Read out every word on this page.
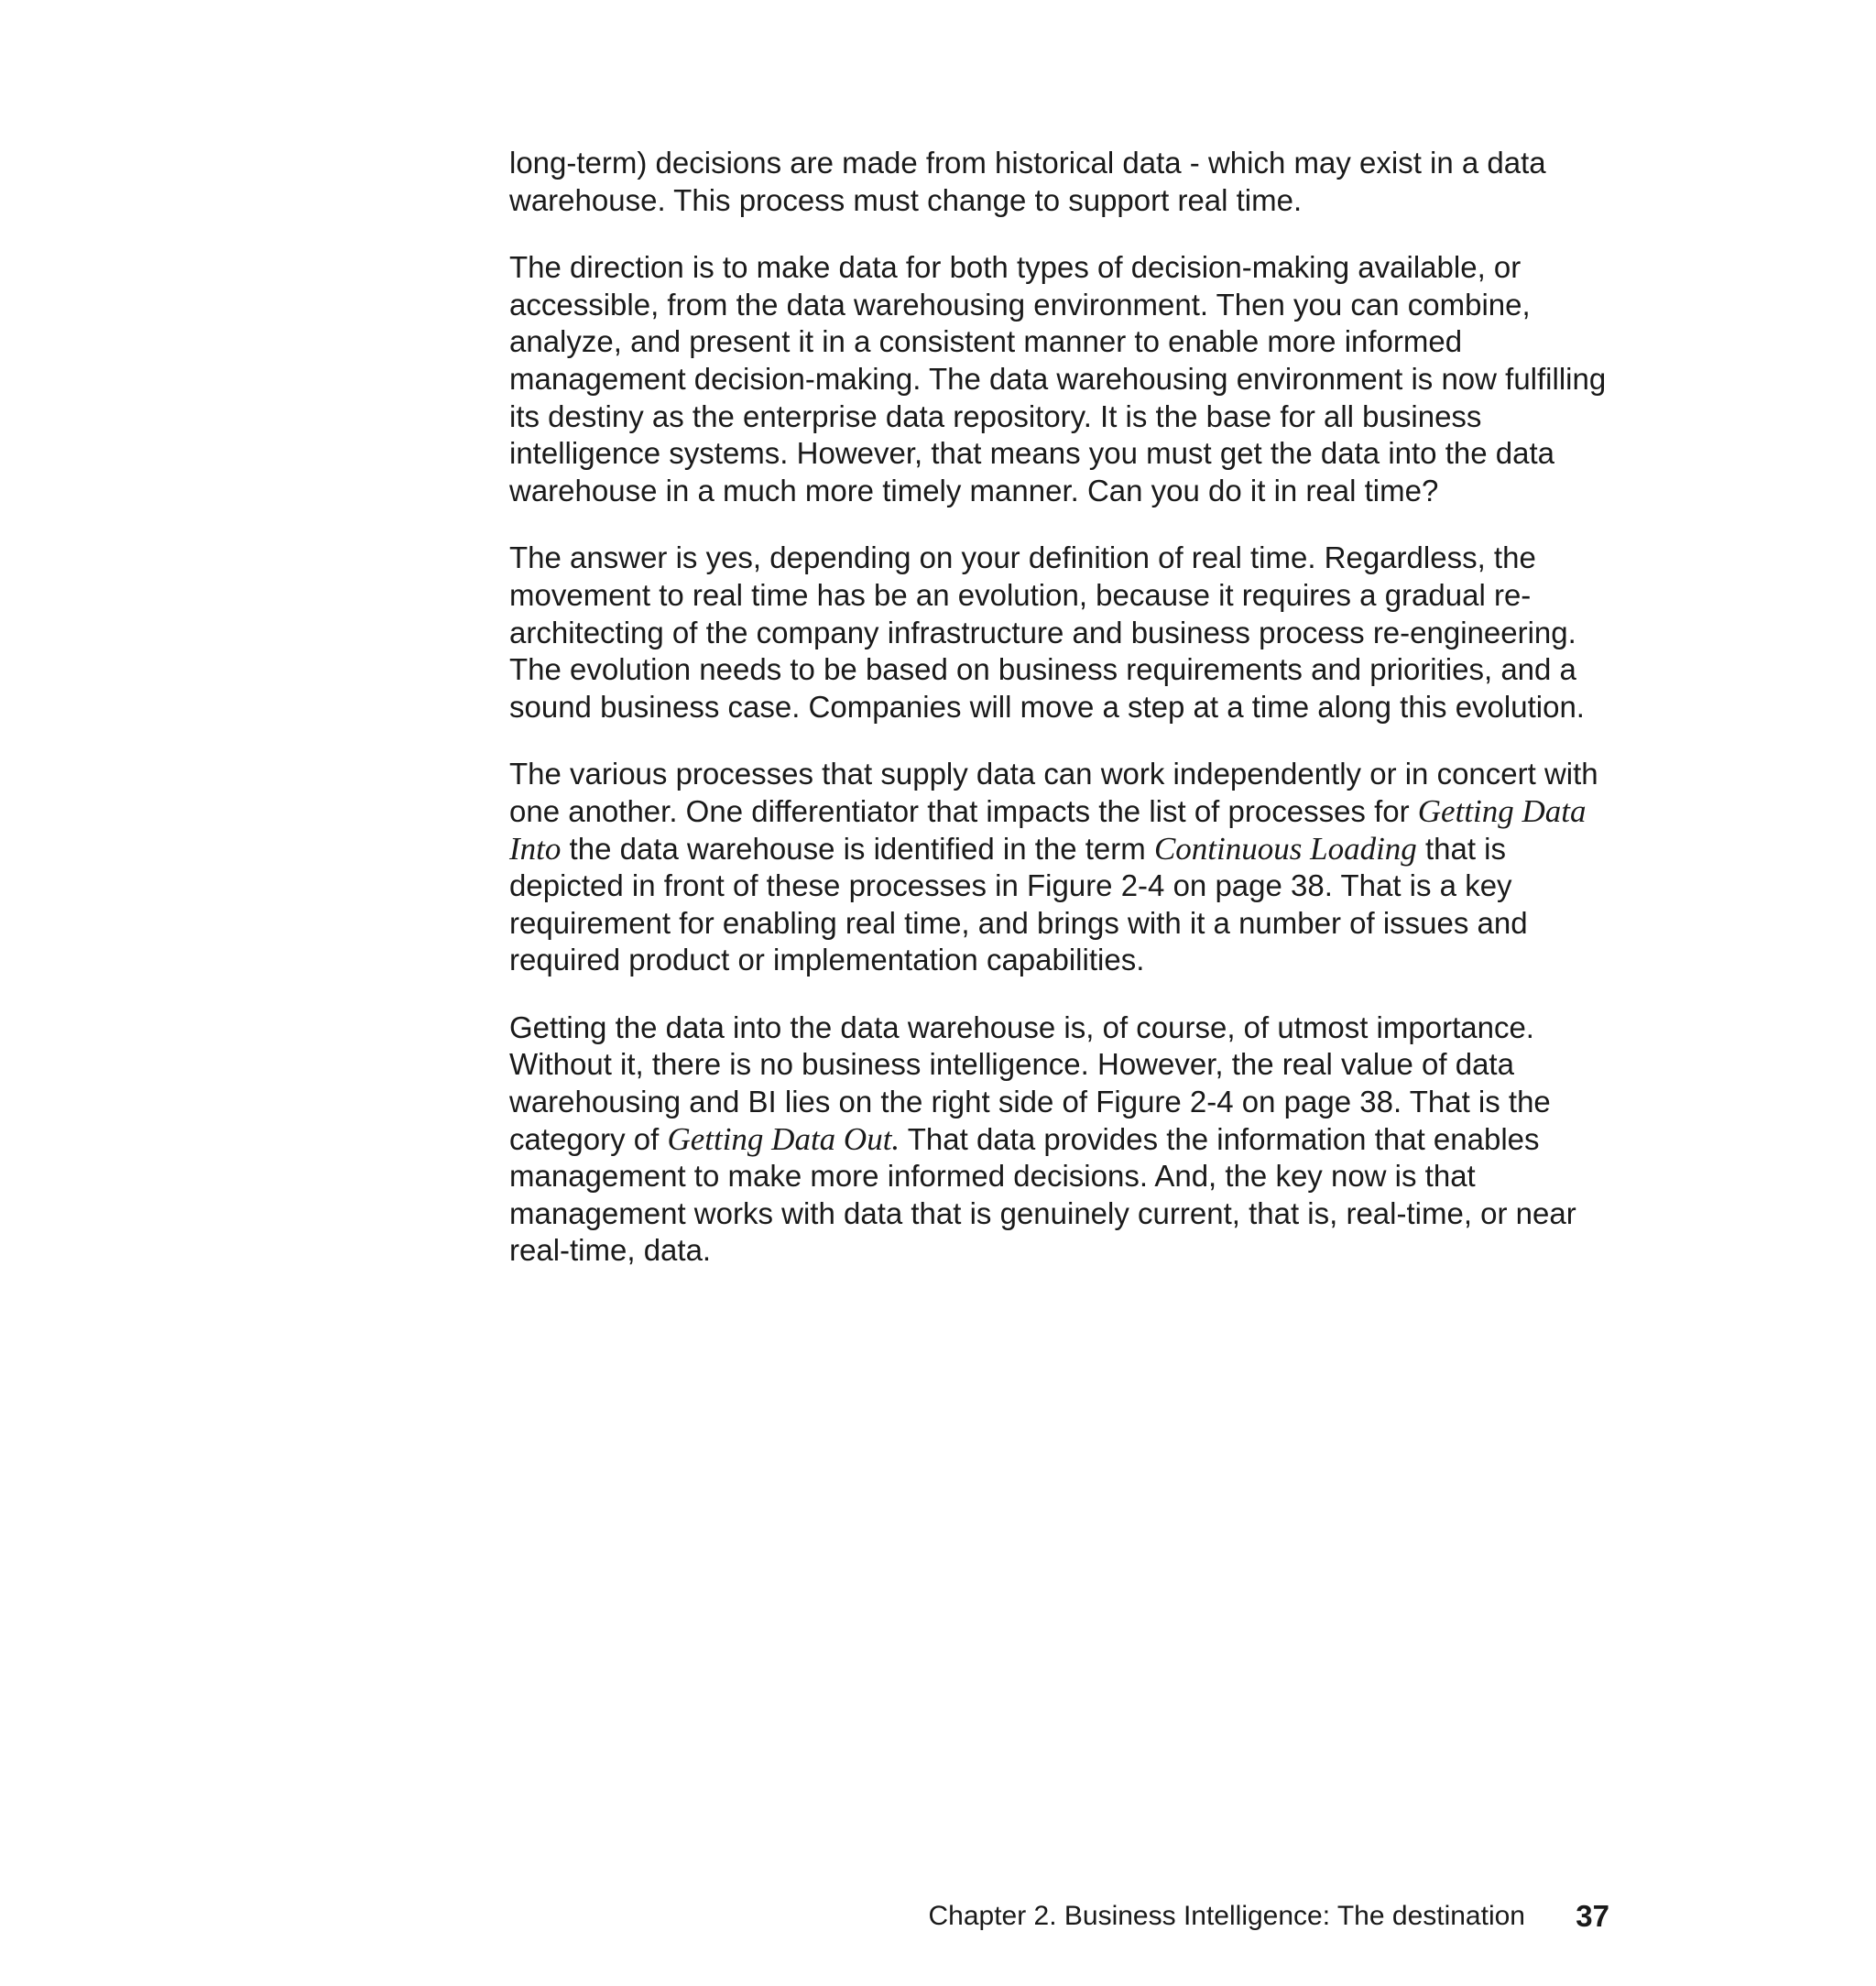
long-term) decisions are made from historical data - which may exist in a data warehouse. This process must change to support real time.

The direction is to make data for both types of decision-making available, or accessible, from the data warehousing environment. Then you can combine, analyze, and present it in a consistent manner to enable more informed management decision-making. The data warehousing environment is now fulfilling its destiny as the enterprise data repository. It is the base for all business intelligence systems. However, that means you must get the data into the data warehouse in a much more timely manner. Can you do it in real time?

The answer is yes, depending on your definition of real time. Regardless, the movement to real time has be an evolution, because it requires a gradual re-architecting of the company infrastructure and business process re-engineering. The evolution needs to be based on business requirements and priorities, and a sound business case. Companies will move a step at a time along this evolution.

The various processes that supply data can work independently or in concert with one another. One differentiator that impacts the list of processes for Getting Data Into the data warehouse is identified in the term Continuous Loading that is depicted in front of these processes in Figure 2-4 on page 38. That is a key requirement for enabling real time, and brings with it a number of issues and required product or implementation capabilities.

Getting the data into the data warehouse is, of course, of utmost importance. Without it, there is no business intelligence. However, the real value of data warehousing and BI lies on the right side of Figure 2-4 on page 38. That is the category of Getting Data Out. That data provides the information that enables management to make more informed decisions. And, the key now is that management works with data that is genuinely current, that is, real-time, or near real-time, data.

Chapter 2. Business Intelligence: The destination 37
